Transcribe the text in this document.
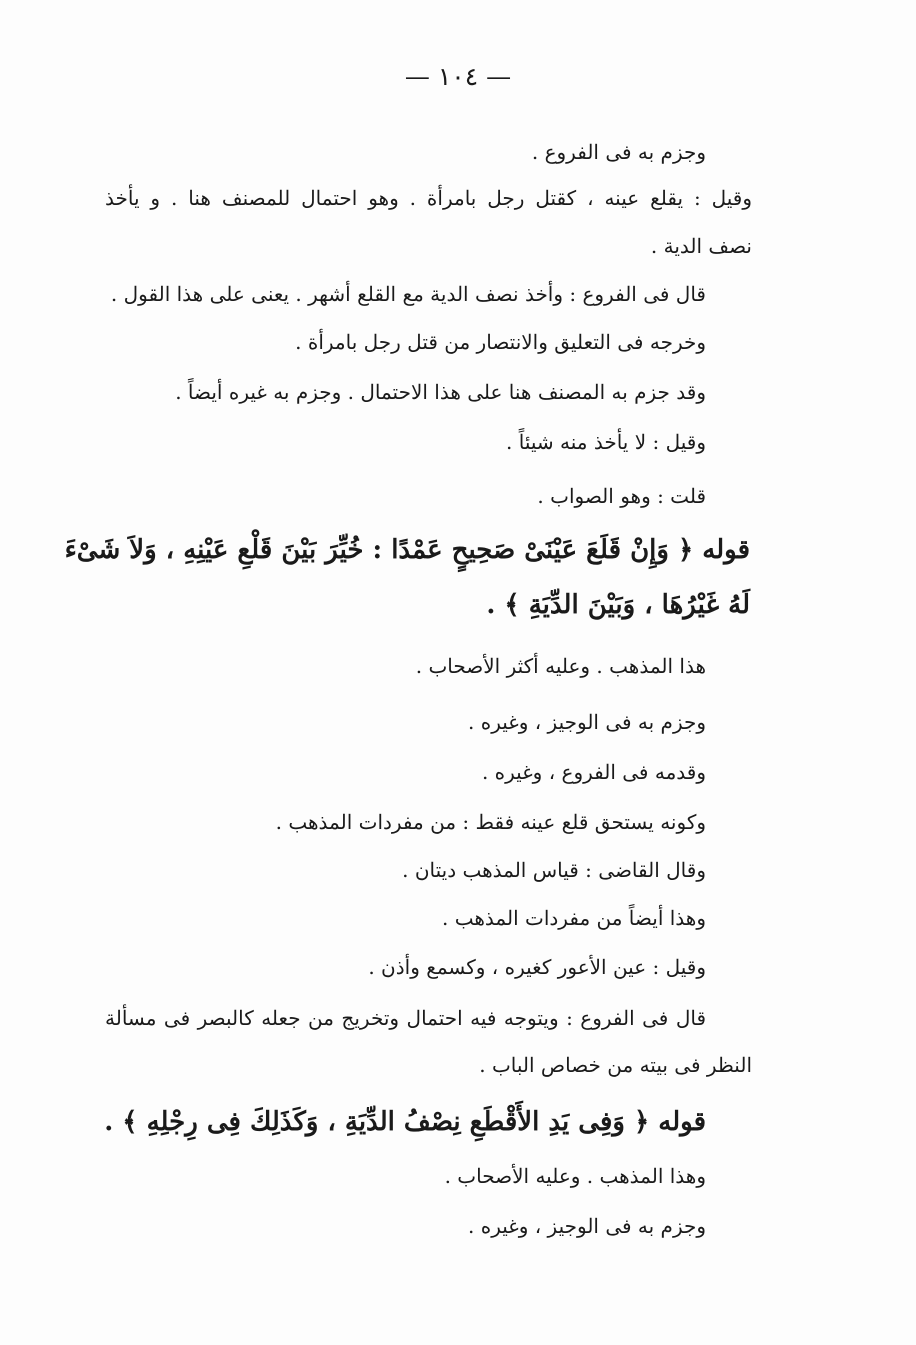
— ١٠٤ —
وجزم به فى الفروع .
وقيل : يقلع عينه ، كقتل رجل بامرأة . وهو احتمال للمصنف هنا . و يأخذ
نصف الدية .
قال فى الفروع : وأخذ نصف الدية مع القلع أشهر . يعنى على هذا القول .
وخرجه فى التعليق والانتصار من قتل رجل بامرأة .
وقد جزم به المصنف هنا على هذا الاحتمال . وجزم به غيره أيضاً .
وقيل : لا يأخذ منه شيئاً .
قلت : وهو الصواب .
قوله ﴿ وَإِنْ قَلَعَ عَيْنَىْ صَحِيحٍ عَمْدًا : خُيِّرَ بَيْنَ قَلْعِ عَيْنِهِ ، وَلاَ شَىْءَ
لَهُ غَيْرُهَا ، وَبَيْنَ الدِّيَةِ ﴾ .
هذا المذهب . وعليه أكثر الأصحاب .
وجزم به فى الوجيز ، وغيره .
وقدمه فى الفروع ، وغيره .
وكونه يستحق قلع عينه فقط : من مفردات المذهب .
وقال القاضى : قياس المذهب ديتان .
وهذا أيضاً من مفردات المذهب .
وقيل : عين الأعور كغيره ، وكسمع وأذن .
قال فى الفروع : ويتوجه فيه احتمال وتخريج من جعله كالبصر فى مسألة
النظر فى بيته من خصاص الباب .
قوله ﴿ وَفِى يَدِ الأَقْطَعِ نِصْفُ الدِّيَةِ ، وَكَذَلِكَ فِى رِجْلِهِ ﴾ .
وهذا المذهب . وعليه الأصحاب .
وجزم به فى الوجيز ، وغيره .
